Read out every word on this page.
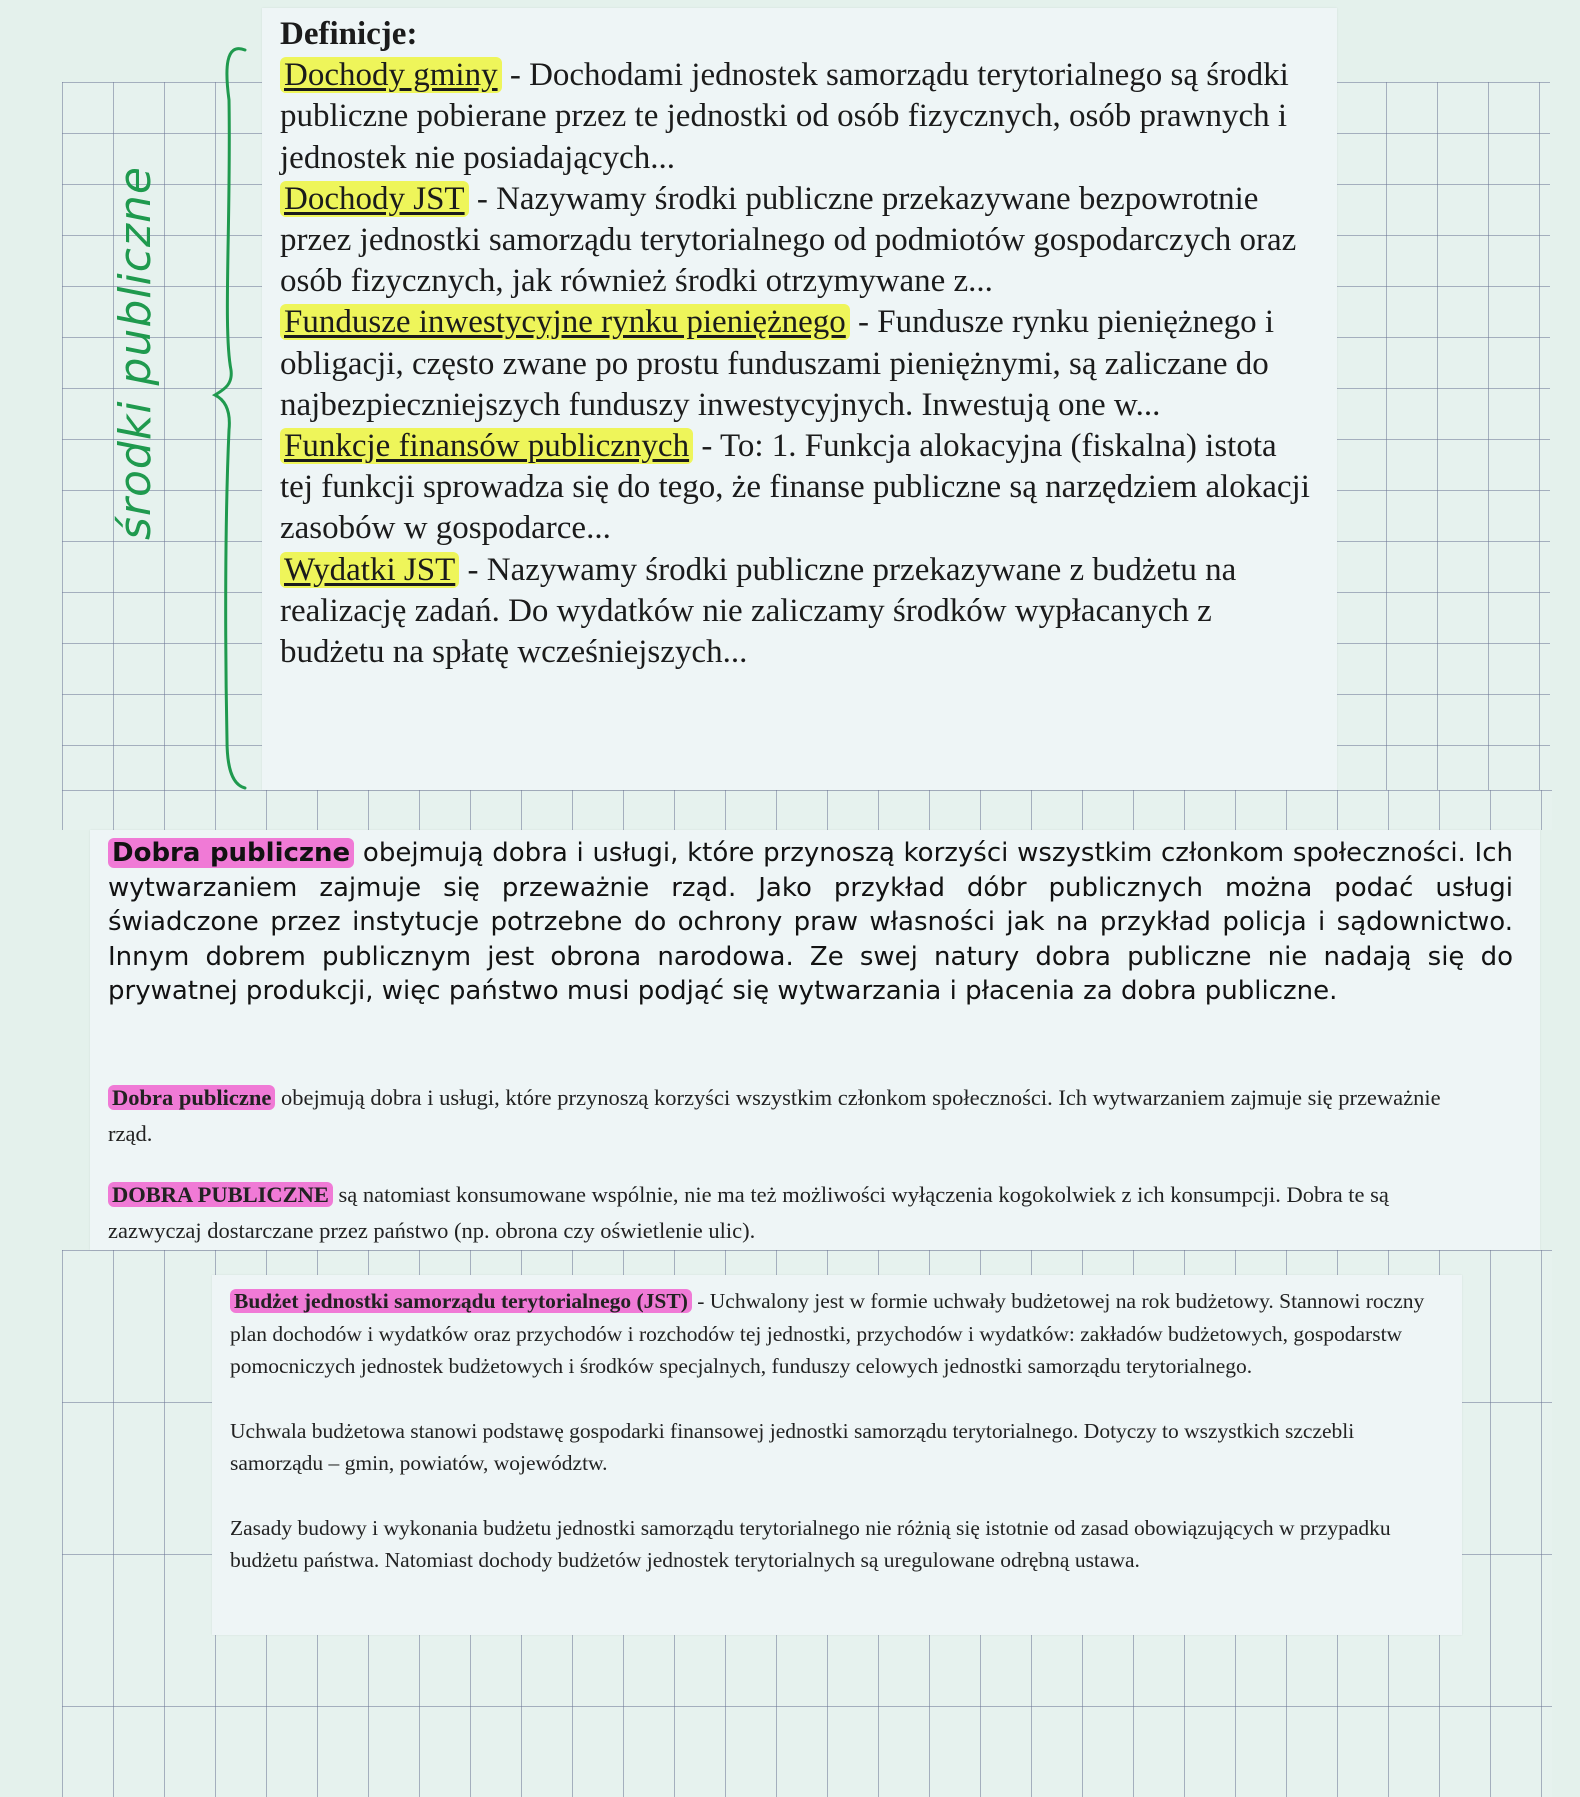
środki publiczne
Definicje:

Dochody gminy - Dochodami jednostek samorządu terytorialnego są środki publiczne pobierane przez te jednostki od osób fizycznych, osób prawnych i jednostek nie posiadających...

Dochody JST - Nazywamy środki publiczne przekazywane bezpowrotnie przez jednostki samorządu terytorialnego od podmiotów gospodarczych oraz osób fizycznych, jak również środki otrzymywane z...

Fundusze inwestycyjne rynku pieniężnego - Fundusze rynku pieniężnego i obligacji, często zwane po prostu funduszami pieniężnymi, są zaliczane do najbezpieczniejszych funduszy inwestycyjnych. Inwestują one w...

Funkcje finansów publicznych - To: 1. Funkcja alokacyjna (fiskalna) istota tej funkcji sprowadza się do tego, że finanse publiczne są narzędziem alokacji zasobów w gospodarce...

Wydatki JST - Nazywamy środki publiczne przekazywane z budżetu na realizację zadań. Do wydatków nie zaliczamy środków wypłacanych z budżetu na spłatę wcześniejszych...

Dobra publiczne obejmują dobra i usługi, które przynoszą korzyści wszystkim członkom społeczności. Ich wytwarzaniem zajmuje się przeważnie rząd. Jako przykład dóbr publicznych można podać usługi świadczone przez instytucje potrzebne do ochrony praw własności jak na przykład policja i sądownictwo. Innym dobrem publicznym jest obrona narodowa. Ze swej natury dobra publiczne nie nadają się do prywatnej produkcji, więc państwo musi podjąć się wytwarzania i płacenia za dobra publiczne.

Dobra publiczne obejmują dobra i usługi, które przynoszą korzyści wszystkim członkom społeczności. Ich wytwarzaniem zajmuje się przeważnie rząd.

DOBRA PUBLICZNE są natomiast konsumowane wspólnie, nie ma też możliwości wyłączenia kogokolwiek z ich konsumpcji. Dobra te są zazwyczaj dostarczane przez państwo (np. obrona czy oświetlenie ulic).

Budżet jednostki samorządu terytorialnego (JST) - Uchwalony jest w formie uchwały budżetowej na rok budżetowy. Stannowi roczny plan dochodów i wydatków oraz przychodów i rozchodów tej jednostki, przychodów i wydatków: zakładów budżetowych, gospodarstw pomocniczych jednostek budżetowych i środków specjalnych, funduszy celowych jednostki samorządu terytorialnego.

Uchwala budżetowa stanowi podstawę gospodarki finansowej jednostki samorządu terytorialnego. Dotyczy to wszystkich szczebli samorządu – gmin, powiatów, województw.

Zasady budowy i wykonania budżetu jednostki samorządu terytorialnego nie różnią się istotnie od zasad obowiązujących w przypadku budżetu państwa. Natomiast dochody budżetów jednostek terytorialnych są uregulowane odrębną ustawa.
